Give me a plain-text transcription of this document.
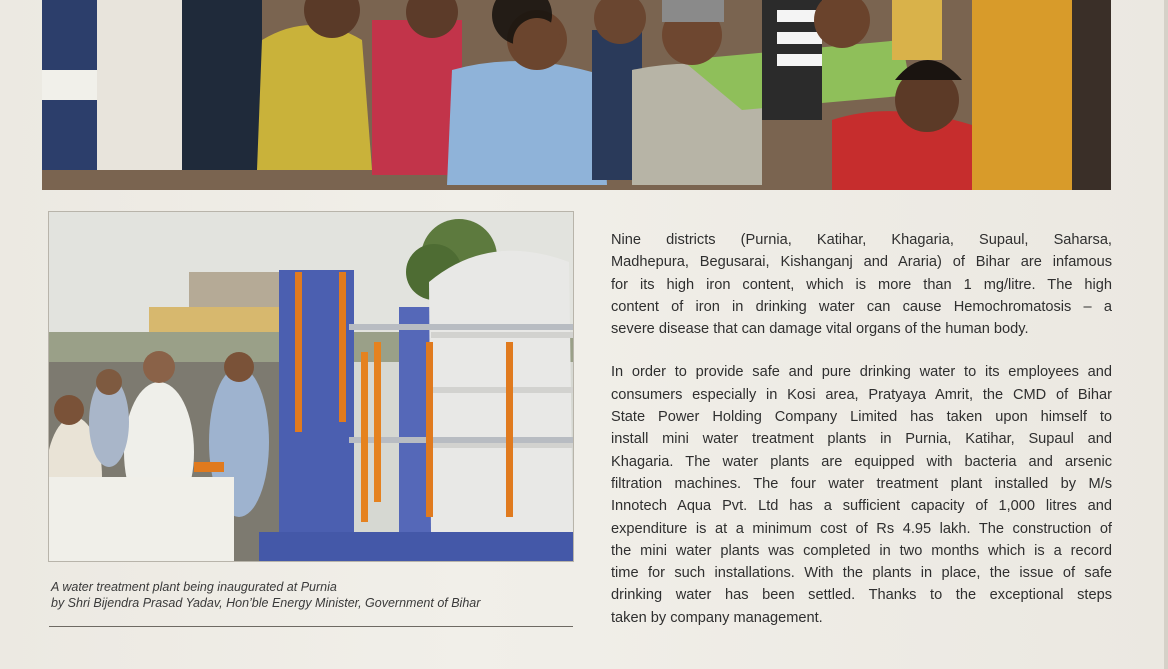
A water treatment plant being inaugurated at Purnia
by Shri Bijendra Prasad Yadav, Hon’ble Energy Minister, Government of Bihar
Nine districts (Purnia, Katihar, Khagaria, Supaul, Saharsa,
Madhepura, Begusarai, Kishanganj and Araria) of Bihar are infamous
for its high iron content, which is more than 1 mg/litre. The high
content of iron in drinking water can cause Hemochromatosis – a
severe disease that can damage vital organs of the human body.
In order to provide safe and pure drinking water to its employees and
consumers especially in Kosi area, Pratyaya Amrit, the CMD of Bihar
State Power Holding Company Limited has taken upon himself to
install mini water treatment plants in Purnia, Katihar, Supaul and
Khagaria. The water plants are equipped with bacteria and arsenic
filtration machines. The four water treatment plant installed by M/s
Innotech Aqua Pvt. Ltd has a sufficient capacity of 1,000 litres and
expenditure is at a minimum cost of Rs 4.95 lakh. The construction of
the mini water plants was completed in two months which is a record
time for such installations. With the plants in place, the issue of safe
drinking water has been settled. Thanks to the exceptional steps
taken by company management.
